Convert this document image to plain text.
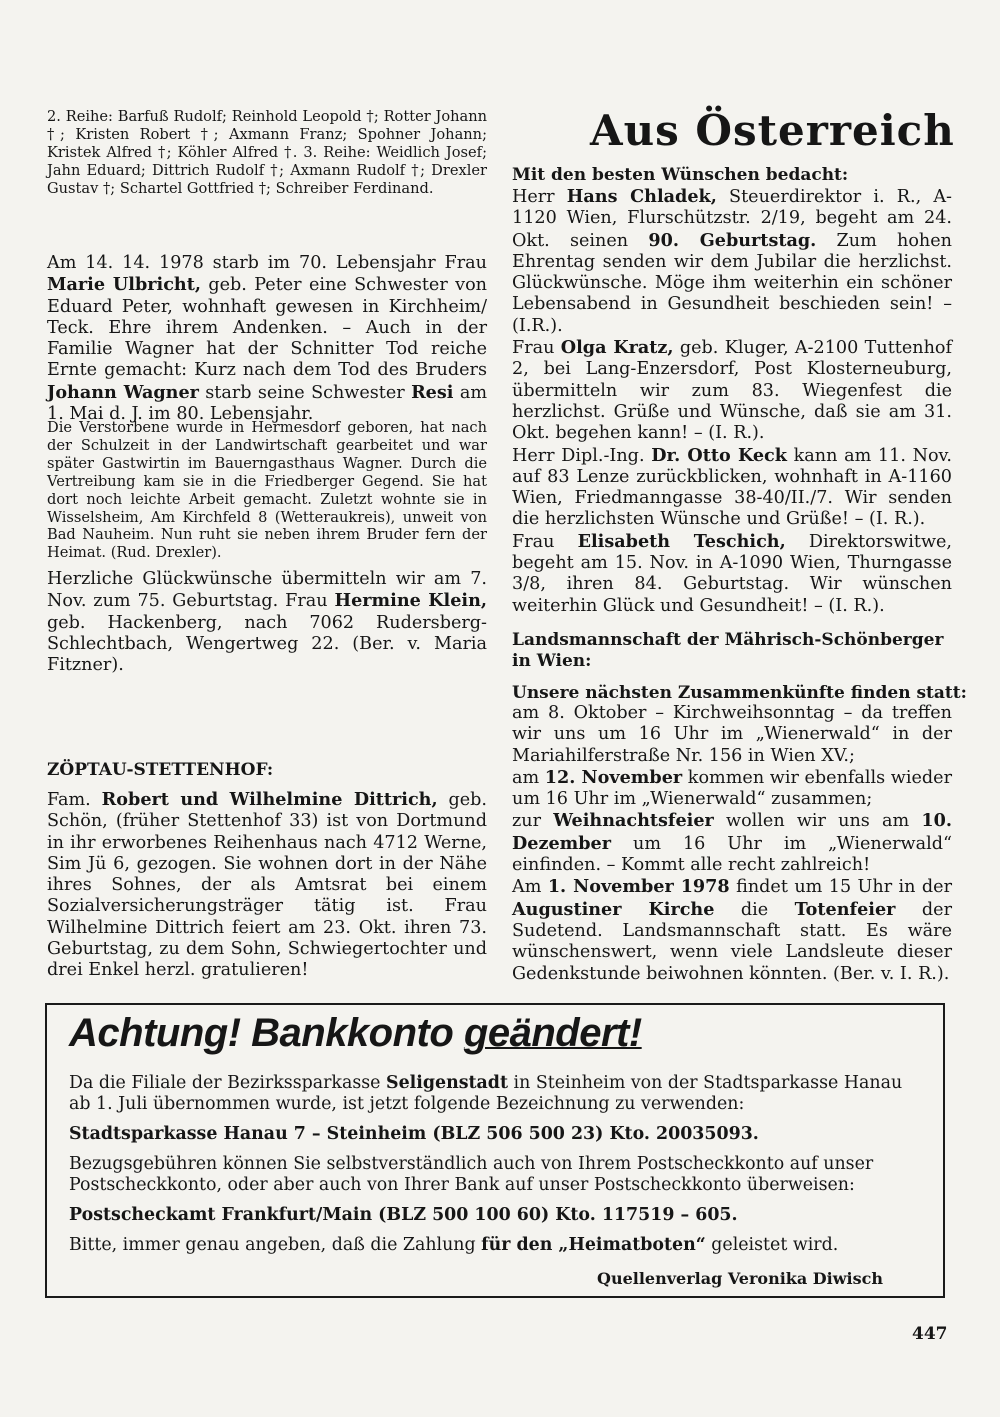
2. Reihe: Barfuß Rudolf; Reinhold Leopold †; Rotter Johann †; Kristen Robert †; Axmann Franz; Spohner Johann; Kristek Alfred †; Köhler Alfred †. 3. Reihe: Weidlich Josef; Jahn Eduard; Dittrich Rudolf †; Axmann Rudolf †; Drexler Gustav †; Schartel Gottfried †; Schreiber Ferdinand.

Am 14. 14. 1978 starb im 70. Lebensjahr Frau Marie Ulbricht, geb. Peter eine Schwester von Eduard Peter, wohnhaft gewesen in Kirchheim/ Teck. Ehre ihrem Andenken. – Auch in der Familie Wagner hat der Schnitter Tod reiche Ernte gemacht: Kurz nach dem Tod des Bruders Johann Wagner starb seine Schwester Resi am 1. Mai d. J. im 80. Lebensjahr.

Die Verstorbene wurde in Hermesdorf geboren, hat nach der Schulzeit in der Landwirtschaft gearbeitet und war später Gastwirtin im Bauerngasthaus Wagner. Durch die Vertreibung kam sie in die Friedberger Gegend. Sie hat dort noch leichte Arbeit gemacht. Zuletzt wohnte sie in Wisselsheim, Am Kirchfeld 8 (Wetteraukreis), unweit von Bad Nauheim. Nun ruht sie neben ihrem Bruder fern der Heimat. (Rud. Drexler).

Herzliche Glückwünsche übermitteln wir am 7. Nov. zum 75. Geburtstag. Frau Hermine Klein, geb. Hackenberg, nach 7062 Rudersberg-Schlechtbach, Wengertweg 22. (Ber. v. Maria Fitzner).

ZÖPTAU-STETTENHOF:

Fam. Robert und Wilhelmine Dittrich, geb. Schön, (früher Stettenhof 33) ist von Dortmund in ihr erworbenes Reihenhaus nach 4712 Werne, Sim Jü 6, gezogen. Sie wohnen dort in der Nähe ihres Sohnes, der als Amtsrat bei einem Sozialversicherungsträger tätig ist. Frau Wilhelmine Dittrich feiert am 23. Okt. ihren 73. Geburtstag, zu dem Sohn, Schwiegertochter und drei Enkel herzl. gratulieren!

Aus Österreich
Mit den besten Wünschen bedacht:

Herr Hans Chladek, Steuerdirektor i. R., A-1120 Wien, Flurschützstr. 2/19, begeht am 24. Okt. seinen 90. Geburtstag. Zum hohen Ehrentag senden wir dem Jubilar die herzlichst. Glückwünsche. Möge ihm weiterhin ein schöner Lebensabend in Gesundheit beschieden sein! – (I.R.).

Frau Olga Kratz, geb. Kluger, A-2100 Tuttenhof 2, bei Lang-Enzersdorf, Post Klosterneuburg, übermitteln wir zum 83. Wiegenfest die herzlichst. Grüße und Wünsche, daß sie am 31. Okt. begehen kann! – (I. R.).

Herr Dipl.-Ing. Dr. Otto Keck kann am 11. Nov. auf 83 Lenze zurückblicken, wohnhaft in A-1160 Wien, Friedmanngasse 38-40/II./7. Wir senden die herzlichsten Wünsche und Grüße! – (I. R.).

Frau Elisabeth Teschich, Direktorswitwe, begeht am 15. Nov. in A-1090 Wien, Thurngasse 3/8, ihren 84. Geburtstag. Wir wünschen weiterhin Glück und Gesundheit! – (I. R.).

Landsmannschaft der Mährisch-Schönberger in Wien:
Unsere nächsten Zusammenkünfte finden statt:

am 8. Oktober – Kirchweihsonntag – da treffen wir uns um 16 Uhr im „Wienerwald“ in der Mariahilferstraße Nr. 156 in Wien XV.;

am 12. November kommen wir ebenfalls wieder um 16 Uhr im „Wienerwald“ zusammen;

zur Weihnachtsfeier wollen wir uns am 10. Dezember um 16 Uhr im „Wienerwald“ einfinden. – Kommt alle recht zahlreich!

Am 1. November 1978 findet um 15 Uhr in der Augustiner Kirche die Totenfeier der Sudetend. Landsmannschaft statt. Es wäre wünschenswert, wenn viele Landsleute dieser Gedenkstunde beiwohnen könnten. (Ber. v. I. R.).

Achtung! Bankkonto geändert!

Da die Filiale der Bezirkssparkasse Seligenstadt in Steinheim von der Stadtsparkasse Hanau ab 1. Juli übernommen wurde, ist jetzt folgende Bezeichnung zu verwenden:

Stadtsparkasse Hanau 7 – Steinheim (BLZ 506 500 23) Kto. 20035093.

Bezugsgebühren können Sie selbstverständlich auch von Ihrem Postscheckkonto auf unser Postscheckkonto, oder aber auch von Ihrer Bank auf unser Postscheckkonto überweisen:

Postscheckamt Frankfurt/Main (BLZ 500 100 60) Kto. 117519 – 605.

Bitte, immer genau angeben, daß die Zahlung für den „Heimatboten“ geleistet wird.

Quellenverlag Veronika Diwisch
447
